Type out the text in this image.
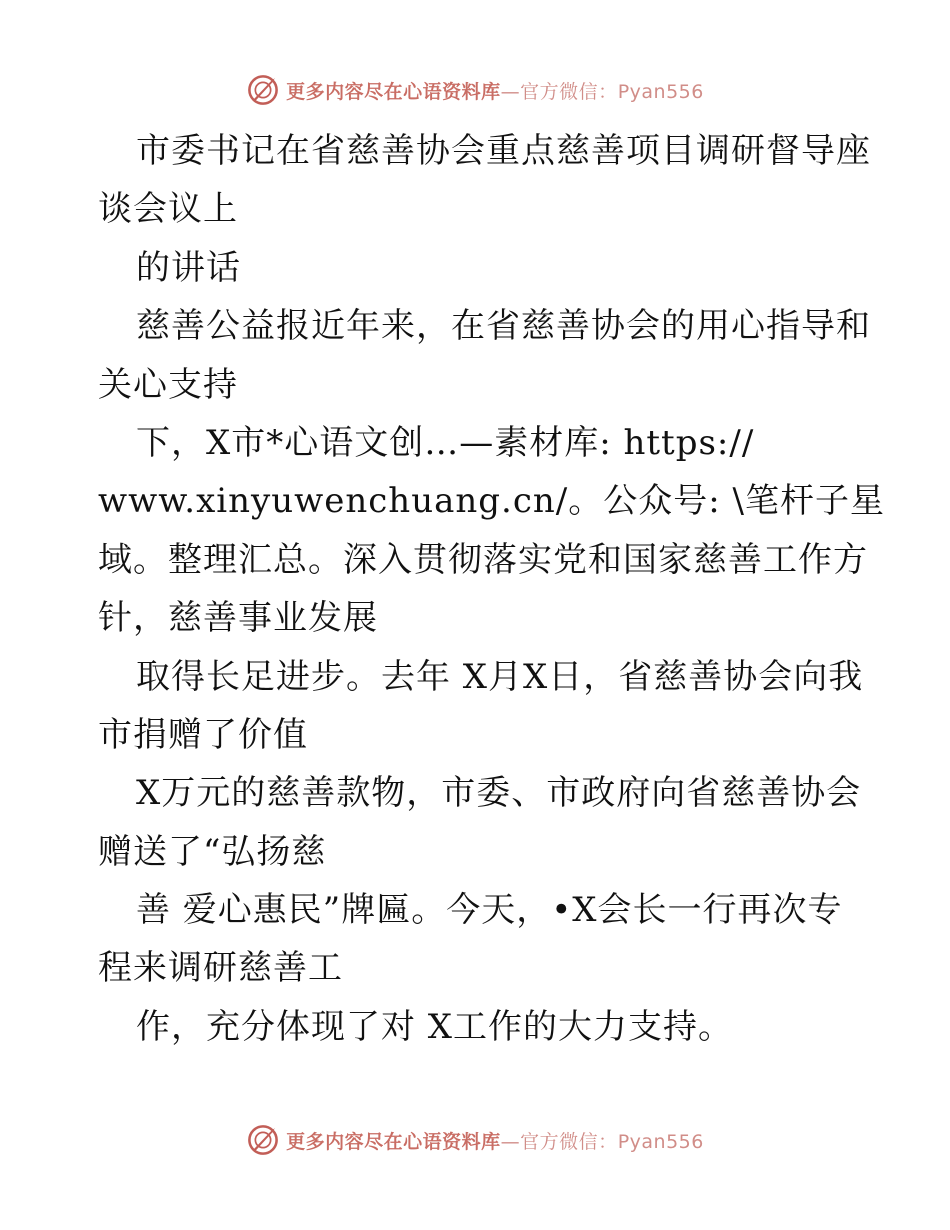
更多内容尽在心语资料库—官方微信：Pyan556
市委书记在省慈善协会重点慈善项目调研督导座
谈会议上
的讲话
慈善公益报近年来，在省慈善协会的用心指导和
关心支持
下，X市*心语文创…—素材库: https://
www.xinyuwenchuang.cn/。公众号: \笔杆子星
域。整理汇总。深入贯彻落实党和国家慈善工作方
针，慈善事业发展
取得长足进步。去年 X月X日，省慈善协会向我
市捐赠了价值
X万元的慈善款物，市委、市政府向省慈善协会
赠送了“弘扬慈
善 爱心惠民”牌匾。今天，•X会长一行再次专
程来调研慈善工
作，充分体现了对 X工作的大力支持。
更多内容尽在心语资料库—官方微信：Pyan556
